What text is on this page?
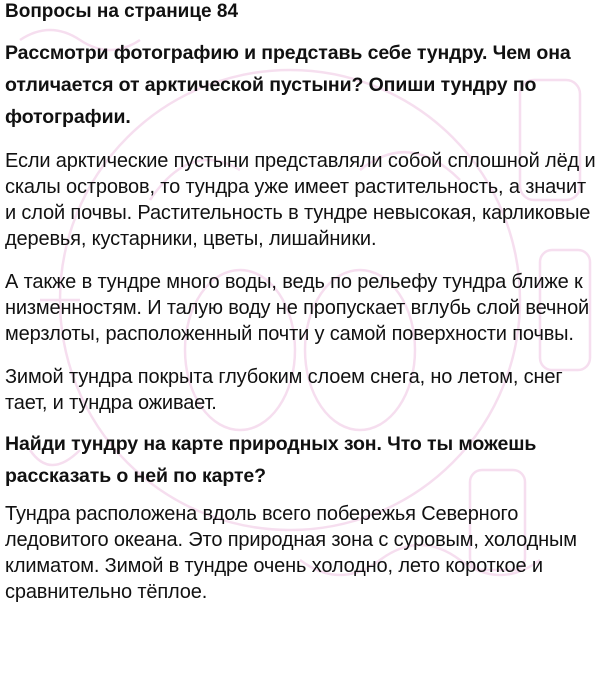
Вопросы на странице 84

Рассмотри фотографию и представь себе тундру. Чем она отличается от арктической пустыни? Опиши тундру по фотографии.

Если арктические пустыни представляли собой сплошной лёд и скалы островов, то тундра уже имеет растительность, а значит и слой почвы. Растительность в тундре невысокая, карликовые деревья, кустарники, цветы, лишайники.

А также в тундре много воды, ведь по рельефу тундра ближе к низменностям. И талую воду не пропускает вглубь слой вечной мерзлоты, расположенный почти у самой поверхности почвы.

Зимой тундра покрыта глубоким слоем снега, но летом, снег тает, и тундра оживает.

Найди тундру на карте природных зон. Что ты можешь рассказать о ней по карте?

Тундра расположена вдоль всего побережья Северного ледовитого океана. Это природная зона с суровым, холодным климатом. Зимой в тундре очень холодно, лето короткое и сравнительно тёплое.
